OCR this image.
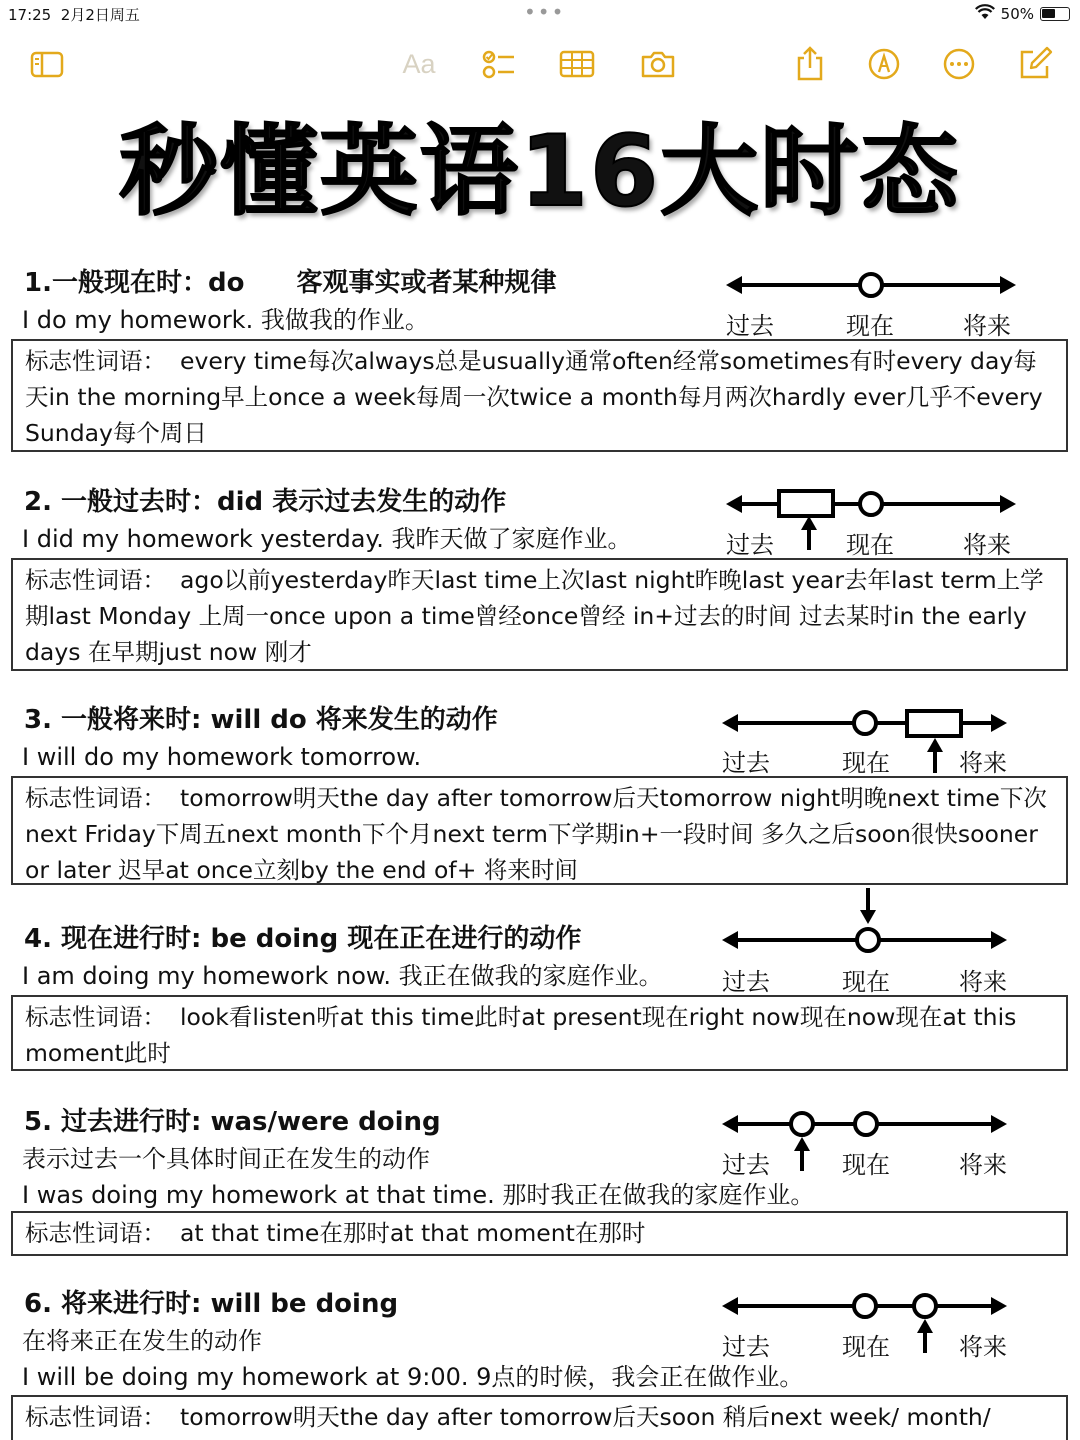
17:25 2月2日周五	•••	50%
Aa
秒懂英语16大时态
1.一般现在时：do　　客观事实或者某种规律
I do my homework. 我做我的作业。	过去	现在	将来
标志性词语： every time每次always总是usually通常often经常sometimes有时every day每天in the morning早上once a week每周一次twice a month每月两次hardly ever几乎不every Sunday每个周日
2. 一般过去时：did 表示过去发生的动作
I did my homework yesterday. 我昨天做了家庭作业。	过去	现在	将来
标志性词语： ago以前yesterday昨天last time上次last night昨晚last year去年last term上学期last Monday 上周一once upon a time曾经once曾经 in+过去的时间 过去某时in the early days 在早期just now 刚才
3. 一般将来时: will do 将来发生的动作
I will do my homework tomorrow.	过去	现在	将来
标志性词语： tomorrow明天the day after tomorrow后天tomorrow night明晚next time下次next Friday下周五next month下个月next term下学期in+一段时间 多久之后soon很快sooner or later 迟早at once立刻by the end of+ 将来时间
4. 现在进行时: be doing 现在正在进行的动作
I am doing my homework now. 我正在做我的家庭作业。 过去	现在	将来
标志性词语： look看listen听at this time此时at present现在right now现在now现在at this moment此时
5. 过去进行时: was/were doing
表示过去一个具体时间正在发生的动作
I was doing my homework at that time. 那时我正在做我的家庭作业。
过去	现在	将来
标志性词语： at that time在那时at that moment在那时
6. 将来进行时: will be doing
在将来正在发生的动作
I will be doing my homework at 9:00. 9点的时候，我会正在做作业。
过去	现在	将来
标志性词语： tomorrow明天the day after tomorrow后天soon 稍后next week/ month/
